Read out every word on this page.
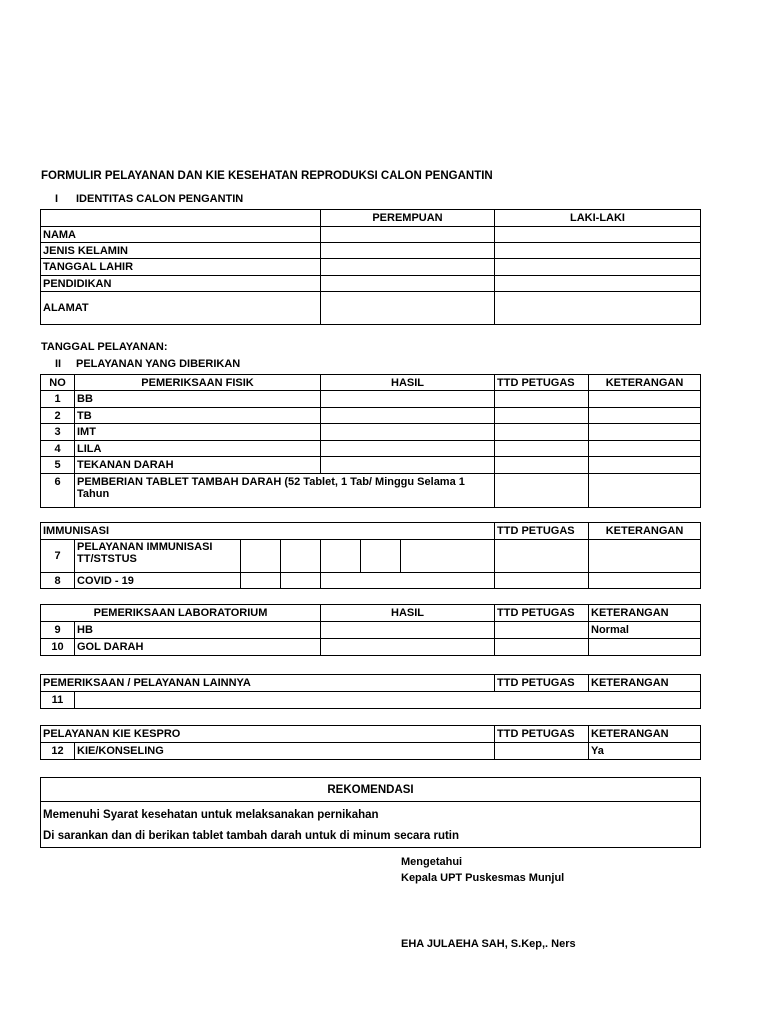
FORMULIR PELAYANAN DAN KIE KESEHATAN REPRODUKSI CALON PENGANTIN
I IDENTITAS CALON PENGANTIN
	PEREMPUAN	LAKI-LAKI
NAMA		
JENIS KELAMIN		
TANGGAL LAHIR		
PENDIDIKAN		
ALAMAT		
TANGGAL PELAYANAN:
II PELAYANAN YANG DIBERIKAN
NO	PEMERIKSAAN FISIK	HASIL	TTD PETUGAS	KETERANGAN
1	BB			
2	TB			
3	IMT			
4	LILA			
5	TEKANAN DARAH			
6	PEMBERIAN TABLET TAMBAH DARAH (52 Tablet, 1 Tab/ Minggu Selama 1 Tahun			
IMMUNISASI							TTD PETUGAS	KETERANGAN
7	PELAYANAN IMMUNISASI TT/STSTUS							
8	COVID - 19							
PEMERIKSAAN LABORATORIUM		HASIL	TTD PETUGAS	KETERANGAN
9	HB			Normal
10	GOL DARAH			
PEMERIKSAAN / PELAYANAN LAINNYA		TTD PETUGAS	KETERANGAN
11			
PELAYANAN KIE KESPRO		TTD PETUGAS	KETERANGAN
12	KIE/KONSELING		Ya
REKOMENDASI

Memenuhi Syarat kesehatan untuk melaksanakan pernikahan
Di sarankan dan di berikan tablet tambah darah untuk di minum secara rutin
Mengetahui
Kepala UPT Puskesmas Munjul
EHA JULAEHA SAH, S.Kep,. Ners
